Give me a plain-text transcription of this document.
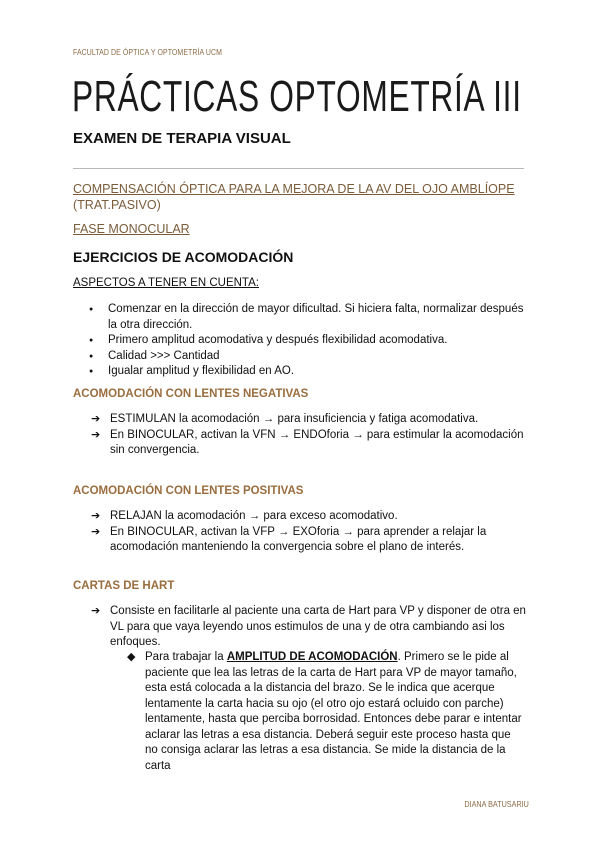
FACULTAD DE ÓPTICA Y OPTOMETRÍA UCM
PRÁCTICAS OPTOMETRÍA III
EXAMEN DE TERAPIA VISUAL
COMPENSACIÓN ÓPTICA PARA LA MEJORA DE LA AV DEL OJO AMBLÍOPE (TRAT.PASIVO)
FASE MONOCULAR
EJERCICIOS DE ACOMODACIÓN
ASPECTOS A TENER EN CUENTA:
● Comenzar en la dirección de mayor dificultad. Si hiciera falta, normalizar después la otra dirección.
● Primero amplitud acomodativa y después flexibilidad acomodativa.
● Calidad >>> Cantidad
● Igualar amplitud y flexibilidad en AO.
ACOMODACIÓN CON LENTES NEGATIVAS
➔ ESTIMULAN la acomodación → para insuficiencia y fatiga acomodativa.
➔ En BINOCULAR, activan la VFN → ENDOforia → para estimular la acomodación sin convergencia.
ACOMODACIÓN CON LENTES POSITIVAS
➔ RELAJAN la acomodación → para exceso acomodativo.
➔ En BINOCULAR, activan la VFP → EXOforia → para aprender a relajar la acomodación manteniendo la convergencia sobre el plano de interés.
CARTAS DE HART
➔ Consiste en facilitarle al paciente una carta de Hart para VP y disponer de otra en VL para que vaya leyendo unos estimulos de una y de otra cambiando asi los enfoques.
◆ Para trabajar la AMPLITUD DE ACOMODACIÓN. Primero se le pide al paciente que lea las letras de la carta de Hart para VP de mayor tamaño, esta está colocada a la distancia del brazo. Se le indica que acerque lentamente la carta hacia su ojo (el otro ojo estará ocluido con parche) lentamente, hasta que perciba borrosidad. Entonces debe parar e intentar aclarar las letras a esa distancia. Deberá seguir este proceso hasta que no consiga aclarar las letras a esa distancia. Se mide la distancia de la carta
DIANA BATUSARIU
